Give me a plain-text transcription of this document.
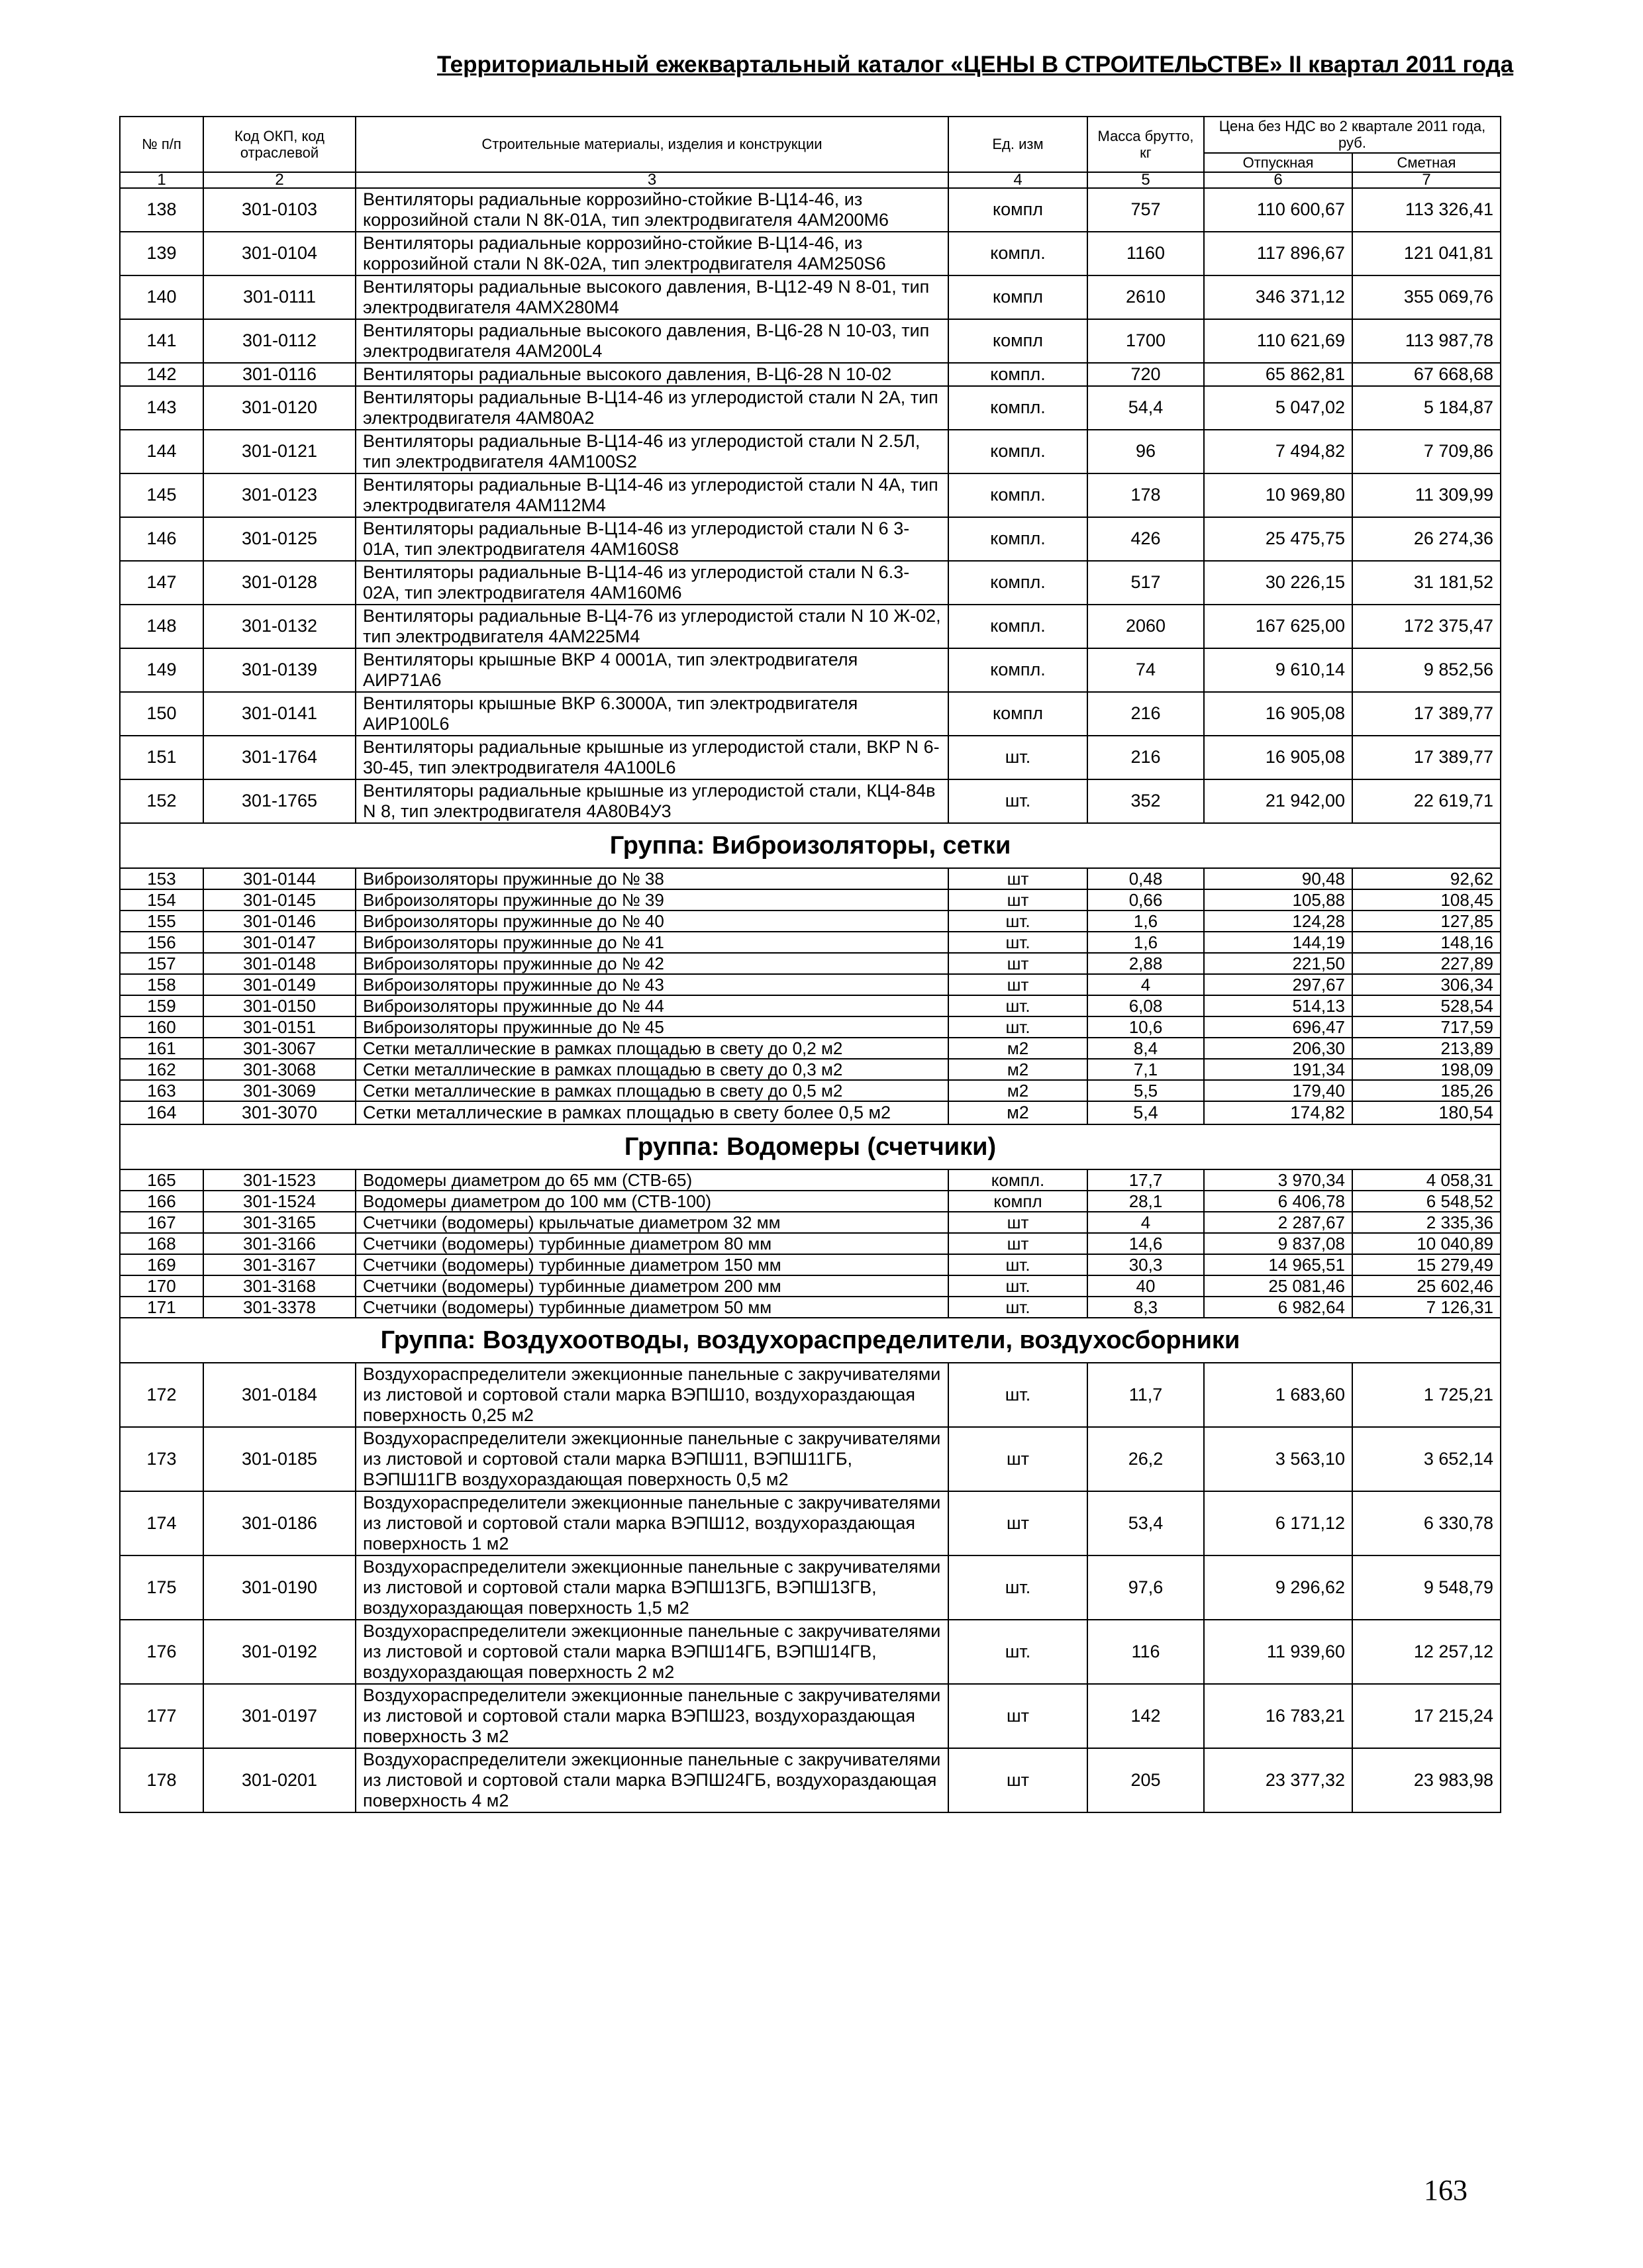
Территориальный ежеквартальный каталог «ЦЕНЫ В СТРОИТЕЛЬСТВЕ» II квартал 2011 года
№ п/п	Код ОКП, код отраслевой	Строительные материалы, изделия и конструкции	Ед. изм	Масса брутто, кг	Цена без НДС во 2 квартале 2011 года, руб.	
					Отпускная	Сметная
1	2	3	4	5	6	7
138	301-0103	Вентиляторы радиальные коррозийно-стойкие В-Ц14-46, из коррозийной стали N 8К-01А, тип электродвигателя 4АМ200М6	компл	757	110 600,67	113 326,41
139	301-0104	Вентиляторы радиальные коррозийно-стойкие В-Ц14-46, из коррозийной стали N 8К-02А, тип электродвигателя 4АМ250S6	компл.	1160	117 896,67	121 041,81
140	301-0111	Вентиляторы радиальные высокого давления, В-Ц12-49 N 8-01, тип электродвигателя 4АМХ280М4	компл	2610	346 371,12	355 069,76
141	301-0112	Вентиляторы радиальные высокого давления, В-Ц6-28 N 10-03, тип электродвигателя 4АМ200L4	компл	1700	110 621,69	113 987,78
142	301-0116	Вентиляторы радиальные высокого давления, В-Ц6-28 N 10-02	компл.	720	65 862,81	67 668,68
143	301-0120	Вентиляторы радиальные В-Ц14-46 из углеродистой стали N 2А, тип электродвигателя 4АМ80А2	компл.	54,4	5 047,02	5 184,87
144	301-0121	Вентиляторы радиальные В-Ц14-46 из углеродистой стали N 2.5Л, тип электродвигателя 4АМ100S2	компл.	96	7 494,82	7 709,86
145	301-0123	Вентиляторы радиальные В-Ц14-46 из углеродистой стали N 4А, тип электродвигателя 4АМ112М4	компл.	178	10 969,80	11 309,99
146	301-0125	Вентиляторы радиальные В-Ц14-46 из углеродистой стали N 6 3-01А, тип электродвигателя 4АМ160S8	компл.	426	25 475,75	26 274,36
147	301-0128	Вентиляторы радиальные В-Ц14-46 из углеродистой стали N 6.3-02А, тип электродвигателя 4АМ160М6	компл.	517	30 226,15	31 181,52
148	301-0132	Вентиляторы радиальные В-Ц4-76 из углеродистой стали N 10 Ж-02, тип электродвигателя 4АМ225М4	компл.	2060	167 625,00	172 375,47
149	301-0139	Вентиляторы крышные ВКР 4 0001А, тип электродвигателя АИР71А6	компл.	74	9 610,14	9 852,56
150	301-0141	Вентиляторы крышные ВКР 6.3000А, тип электродвигателя АИР100L6	компл	216	16 905,08	17 389,77
151	301-1764	Вентиляторы радиальные крышные из углеродистой стали, ВКР N 6-30-45, тип электродвигателя 4А100L6	шт.	216	16 905,08	17 389,77
152	301-1765	Вентиляторы радиальные крышные из углеродистой стали, КЦ4-84в N 8, тип электродвигателя 4А80В4У3	шт.	352	21 942,00	22 619,71
Группа: Виброизоляторы, сетки						
153	301-0144	Виброизоляторы пружинные до № 38	шт	0,48	90,48	92,62
154	301-0145	Виброизоляторы пружинные до № 39	шт	0,66	105,88	108,45
155	301-0146	Виброизоляторы пружинные до № 40	шт.	1,6	124,28	127,85
156	301-0147	Виброизоляторы пружинные до № 41	шт.	1,6	144,19	148,16
157	301-0148	Виброизоляторы пружинные до № 42	шт	2,88	221,50	227,89
158	301-0149	Виброизоляторы пружинные до № 43	шт	4	297,67	306,34
159	301-0150	Виброизоляторы пружинные до № 44	шт.	6,08	514,13	528,54
160	301-0151	Виброизоляторы пружинные до № 45	шт.	10,6	696,47	717,59
161	301-3067	Сетки металлические в рамках площадью в свету до 0,2 м2	м2	8,4	206,30	213,89
162	301-3068	Сетки металлические в рамках площадью в свету до 0,3 м2	м2	7,1	191,34	198,09
163	301-3069	Сетки металлические в рамках площадью в свету до 0,5 м2	м2	5,5	179,40	185,26
164	301-3070	Сетки металлические в рамках площадью в свету более 0,5 м2	м2	5,4	174,82	180,54
Группа: Водомеры (счетчики)						
165	301-1523	Водомеры диаметром до 65 мм (СТВ-65)	компл.	17,7	3 970,34	4 058,31
166	301-1524	Водомеры диаметром до 100 мм (СТВ-100)	компл	28,1	6 406,78	6 548,52
167	301-3165	Счетчики (водомеры) крыльчатые диаметром 32 мм	шт	4	2 287,67	2 335,36
168	301-3166	Счетчики (водомеры) турбинные диаметром 80 мм	шт	14,6	9 837,08	10 040,89
169	301-3167	Счетчики (водомеры) турбинные диаметром 150 мм	шт.	30,3	14 965,51	15 279,49
170	301-3168	Счетчики (водомеры) турбинные диаметром 200 мм	шт.	40	25 081,46	25 602,46
171	301-3378	Счетчики (водомеры) турбинные диаметром 50 мм	шт.	8,3	6 982,64	7 126,31
Группа: Воздухоотводы, воздухораспределители, воздухосборники						
172	301-0184	Воздухораспределители эжекционные панельные с закручивателями из листовой и сортовой стали марка ВЭПШ10, воздухораздающая поверхность 0,25 м2	шт.	11,7	1 683,60	1 725,21
173	301-0185	Воздухораспределители эжекционные панельные с закручивателями из листовой и сортовой стали марка ВЭПШ11, ВЭПШ11ГБ, ВЭПШ11ГВ воздухораздающая поверхность 0,5 м2	шт	26,2	3 563,10	3 652,14
174	301-0186	Воздухораспределители эжекционные панельные с закручивателями из листовой и сортовой стали марка ВЭПШ12, воздухораздающая поверхность 1 м2	шт	53,4	6 171,12	6 330,78
175	301-0190	Воздухораспределители эжекционные панельные с закручивателями из листовой и сортовой стали марка ВЭПШ13ГБ, ВЭПШ13ГВ, воздухораздающая поверхность 1,5 м2	шт.	97,6	9 296,62	9 548,79
176	301-0192	Воздухораспределители эжекционные панельные с закручивателями из листовой и сортовой стали марка ВЭПШ14ГБ, ВЭПШ14ГВ, воздухораздающая поверхность 2 м2	шт.	116	11 939,60	12 257,12
177	301-0197	Воздухораспределители эжекционные панельные с закручивателями из листовой и сортовой стали марка ВЭПШ23, воздухораздающая поверхность 3 м2	шт	142	16 783,21	17 215,24
178	301-0201	Воздухораспределители эжекционные панельные с закручивателями из листовой и сортовой стали марка ВЭПШ24ГБ, воздухораздающая поверхность 4 м2	шт	205	23 377,32	23 983,98
163
